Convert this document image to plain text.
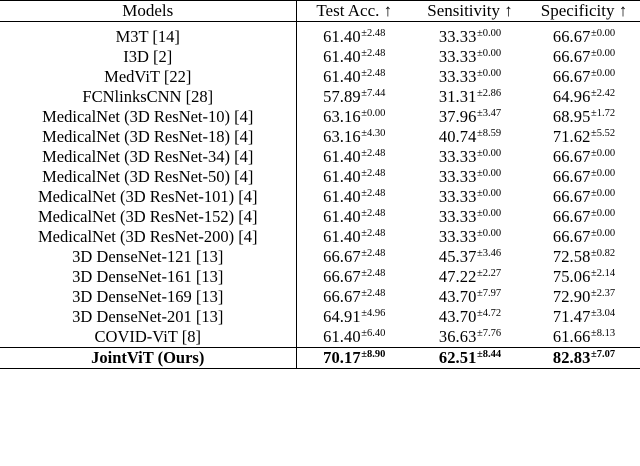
Models	Test Acc. ↑	Sensitivity ↑	Specificity ↑

M3T [14]	$61.40^{\pm 2.48}$	$33.33^{\pm 0.00}$	$66.67^{\pm 0.00}$
I3D [2]	$61.40^{\pm 2.48}$	$33.33^{\pm 0.00}$	$66.67^{\pm 0.00}$
MedViT [22]	$61.40^{\pm 2.48}$	$33.33^{\pm 0.00}$	$66.67^{\pm 0.00}$
FCNlinksCNN [28]	$57.89^{\pm 7.44}$	$31.31^{\pm 2.86}$	$64.96^{\pm 2.42}$
MedicalNet (3D ResNet-10) [4]	$63.16^{\pm 0.00}$	$37.96^{\pm 3.47}$	$68.95^{\pm 1.72}$
MedicalNet (3D ResNet-18) [4]	$63.16^{\pm 4.30}$	$40.74^{\pm 8.59}$	$71.62^{\pm 5.52}$
MedicalNet (3D ResNet-34) [4]	$61.40^{\pm 2.48}$	$33.33^{\pm 0.00}$	$66.67^{\pm 0.00}$
MedicalNet (3D ResNet-50) [4]	$61.40^{\pm 2.48}$	$33.33^{\pm 0.00}$	$66.67^{\pm 0.00}$
MedicalNet (3D ResNet-101) [4]	$61.40^{\pm 2.48}$	$33.33^{\pm 0.00}$	$66.67^{\pm 0.00}$
MedicalNet (3D ResNet-152) [4]	$61.40^{\pm 2.48}$	$33.33^{\pm 0.00}$	$66.67^{\pm 0.00}$
MedicalNet (3D ResNet-200) [4]	$61.40^{\pm 2.48}$	$33.33^{\pm 0.00}$	$66.67^{\pm 0.00}$
3D DenseNet-121 [13]	$66.67^{\pm 2.48}$	$45.37^{\pm 3.46}$	$72.58^{\pm 0.82}$
3D DenseNet-161 [13]	$66.67^{\pm 2.48}$	$47.22^{\pm 2.27}$	$75.06^{\pm 2.14}$
3D DenseNet-169 [13]	$66.67^{\pm 2.48}$	$43.70^{\pm 7.97}$	$72.90^{\pm 2.37}$
3D DenseNet-201 [13]	$64.91^{\pm 4.96}$	$43.70^{\pm 4.72}$	$71.47^{\pm 3.04}$
COVID-ViT [8]	$61.40^{\pm 6.40}$	$36.63^{\pm 7.76}$	$61.66^{\pm 8.13}$

JointViT (Ours)	$70.17^{\pm 8.90}$	$62.51^{\pm 8.44}$	$82.83^{\pm 7.07}$
